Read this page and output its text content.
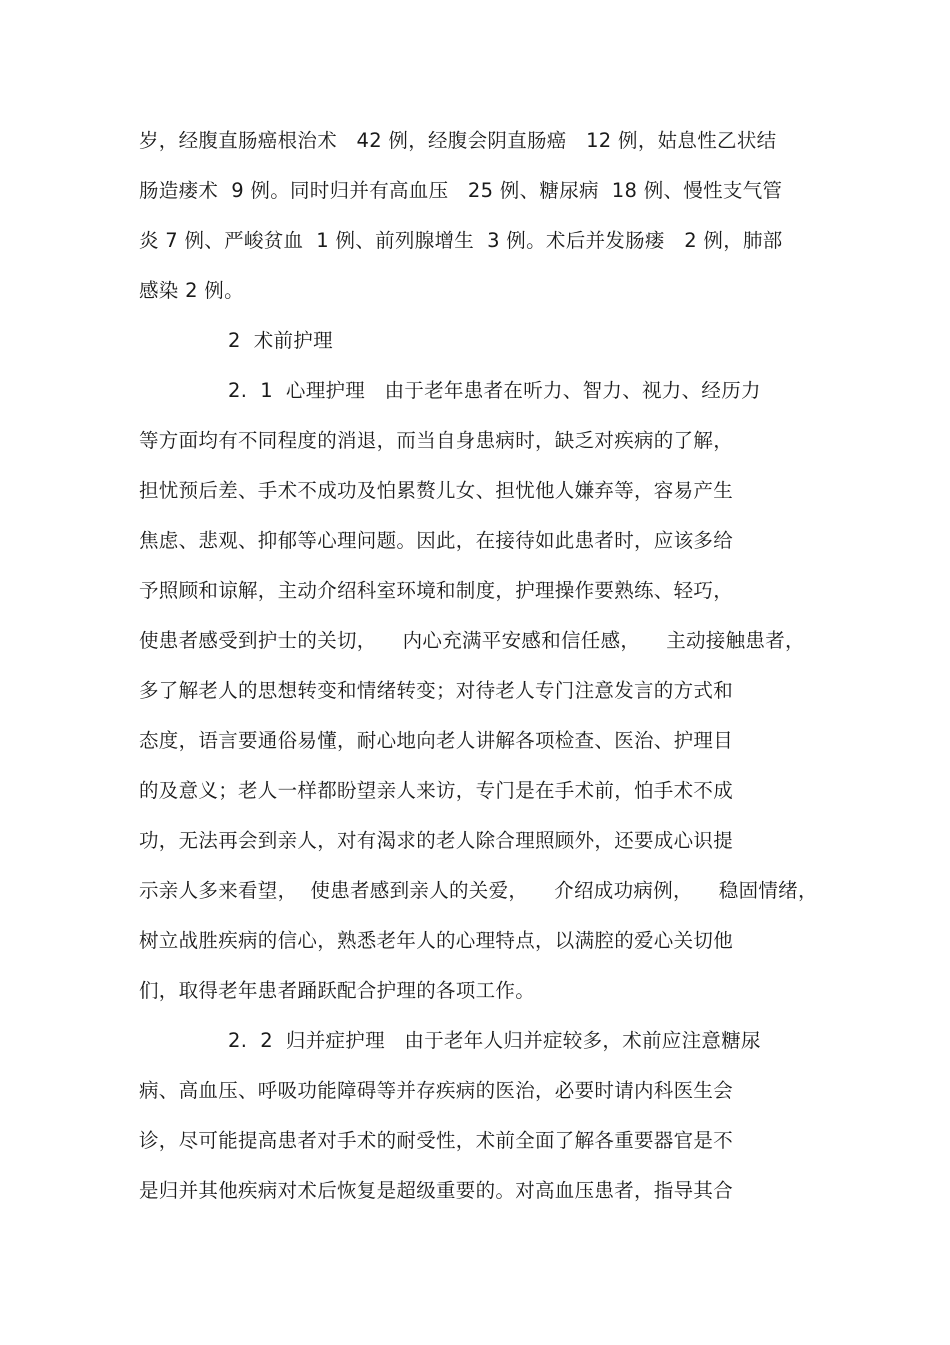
岁，经腹直肠癌根治术   42 例，经腹会阴直肠癌   12 例，姑息性乙状结
肠造瘘术  9 例。同时归并有高血压   25 例、糖尿病  18 例、慢性支气管
炎 7 例、严峻贫血  1 例、前列腺增生  3 例。术后并发肠瘘   2 例，肺部
感染 2 例。
2  术前护理
2.  1  心理护理   由于老年患者在听力、智力、视力、经历力
等方面均有不同程度的消退，而当自身患病时，缺乏对疾病的了解，
担忧预后差、手术不成功及怕累赘儿女、担忧他人嫌弃等，容易产生
焦虑、悲观、抑郁等心理问题。因此，在接待如此患者时，应该多给
予照顾和谅解，主动介绍科室环境和制度，护理操作要熟练、轻巧，
使患者感受到护士的关切，    内心充满平安感和信任感，    主动接触患者，
多了解老人的思想转变和情绪转变；对待老人专门注意发言的方式和
态度，语言要通俗易懂，耐心地向老人讲解各项检查、医治、护理目
的及意义；老人一样都盼望亲人来访，专门是在手术前，怕手术不成
功，无法再会到亲人，对有渴求的老人除合理照顾外，还要成心识提
示亲人多来看望，  使患者感到亲人的关爱，    介绍成功病例，    稳固情绪，
树立战胜疾病的信心，熟悉老年人的心理特点，以满腔的爱心关切他
们，取得老年患者踊跃配合护理的各项工作。
2.  2  归并症护理   由于老年人归并症较多，术前应注意糖尿
病、高血压、呼吸功能障碍等并存疾病的医治，必要时请内科医生会
诊，尽可能提高患者对手术的耐受性，术前全面了解各重要器官是不
是归并其他疾病对术后恢复是超级重要的。对高血压患者，指导其合
